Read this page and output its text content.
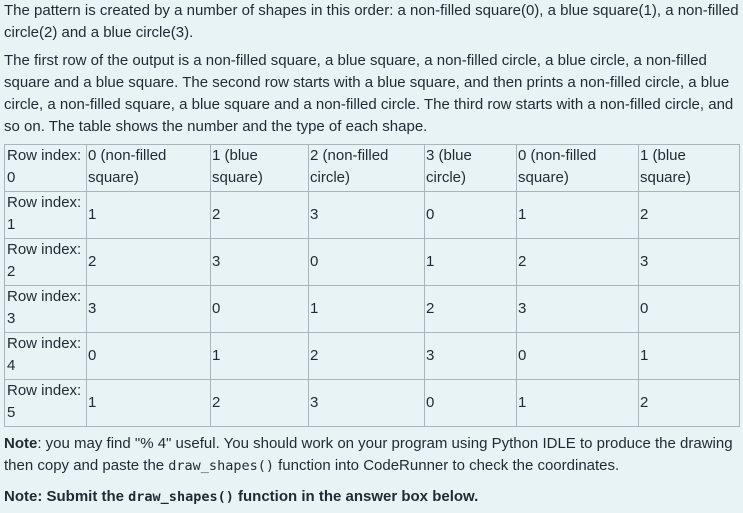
The pattern is created by a number of shapes in this order: a non-filled square(0), a blue square(1), a non-filled circle(2) and a blue circle(3).

The first row of the output is a non-filled square, a blue square, a non-filled circle, a blue circle, a non-filled square and a blue square. The second row starts with a blue square, and then prints a non-filled circle, a blue circle, a non-filled square, a blue square and a non-filled circle. The third row starts with a non-filled circle, and so on. The table shows the number and the type of each shape.

Row index: 0	0 (non-filled square)	1 (blue square)	2 (non-filled circle)	3 (blue circle)	0 (non-filled square)	1 (blue square)
Row index: 1	1	2	3	0	1	2
Row index: 2	2	3	0	1	2	3
Row index: 3	3	0	1	2	3	0
Row index: 4	0	1	2	3	0	1
Row index: 5	1	2	3	0	1	2

Note: you may find "% 4" useful. You should work on your program using Python IDLE to produce the drawing then copy and paste the draw_shapes() function into CodeRunner to check the coordinates.

Note: Submit the draw_shapes() function in the answer box below.
